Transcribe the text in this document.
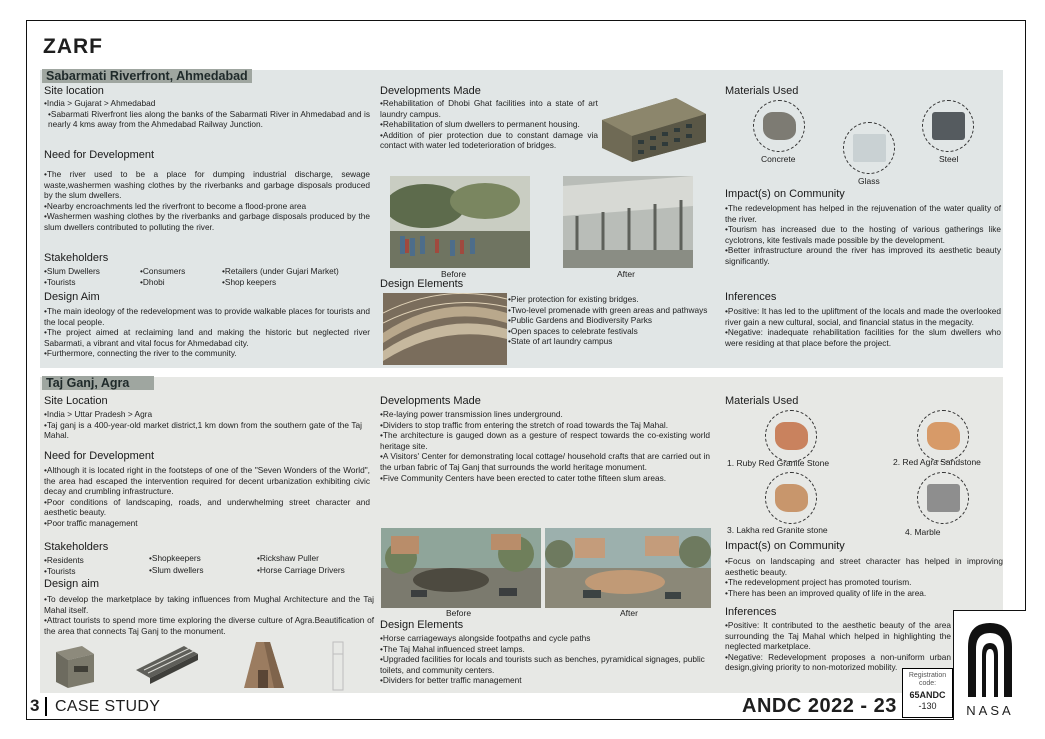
ZARF
Sabarmati Riverfront, Ahmedabad
Site location

•India > Gujarat > Ahmedabad

•Sabarmati Riverfront lies along the banks of the Sabarmati River in Ahmedabad and is nearly 4 kms away from the Ahmedabad Railway Junction.

Need for Development

•The river used to be a place for dumping industrial discharge, sewage waste,washermen washing clothes by the riverbanks and garbage disposals produced by the slum dwellers.

•Nearby encroachments led the riverfront to become a flood-prone area

•Washermen washing clothes by the riverbanks and garbage disposals produced by the slum dwellers contributed to polluting the river.

Stakeholders
•Slum Dwellers	•Consumers	•Retailers (under Gujari Market)
•Tourists	•Dhobi	•Shop keepers
Design Aim

•The main ideology of the redevelopment was to provide walkable places for tourists and the local people.

•The project aimed at reclaiming land and making the historic but neglected river Sabarmati, a vibrant and vital focus for Ahmedabad city.

•Furthermore, connecting the river to the community.

Developments Made

•Rehabilitation of Dhobi Ghat facilities into a state of art laundry campus.

•Rehabilitation of slum dwellers to permanent housing.

•Addition of pier protection due to constant damage via contact with water led todeterioration of bridges.

Before	After
Design Elements

•Pier protection for existing bridges.

•Two-level promenade with green areas and pathways

•Public Gardens and Biodiversity Parks

•Open spaces to celebrate festivals

•State of art laundry campus

Materials Used
Concrete
Glass
Steel
Impact(s) on Community

•The redevelopment has helped in the rejuvenation of the water quality of the river.

•Tourism has increased due to the hosting of various gatherings like cyclotrons, kite festivals made possible by the development.

•Better infrastructure around the river has improved its aesthetic beauty significantly.

Inferences

•Positive: It has led to the upliftment of the locals and made the overlooked river gain a new cultural, social, and financial status in the megacity.

•Negative: inadequate rehabilitation facilities for the slum dwellers who were residing at that place before the project.

Taj Ganj, Agra
Site Location

•India > Uttar Pradesh > Agra

•Taj ganj is a 400-year-old market district,1 km down from the southern gate of the Taj Mahal.

Need for Development

•Although it is located right in the footsteps of one of the "Seven Wonders of the World", the area had escaped the intervention required for decent urbanization exhibiting civic decay and crumbling infrastructure.

•Poor conditions of landscaping, roads, and underwhelming street character and aesthetic beauty.

•Poor traffic management

Stakeholders
•Residents	•Shopkeepers	•Rickshaw Puller
•Tourists	•Slum dwellers	•Horse Carriage Drivers
Design aim

•To develop the marketplace by taking influences from Mughal Architecture and the Taj Mahal itself.

•Attract tourists to spend more time exploring the diverse culture of Agra.Beautification of the area that connects Taj Ganj to the monument.

Developments Made

•Re-laying power transmission lines underground.

•Dividers to stop traffic from entering the stretch of road towards the Taj Mahal.

•The architecture is gauged down as a gesture of respect towards the co-existing world heritage site.

•A Visitors' Center for demonstrating local cottage/ household crafts that are carried out in the urban fabric of Taj Ganj that surrounds the world heritage monument.

•Five Community Centers have been erected to cater tothe fifteen slum areas.

Before	After
Design Elements

•Horse carriageways alongside footpaths and cycle paths

•The Taj Mahal influenced street lamps.

•Upgraded facilities for locals and tourists such as benches, pyramidical signages, public toilets, and community centers.

•Dividers for better traffic management

Materials Used
1. Ruby Red Granite Stone	2. Red Agra Sandstone
3. Lakha red Granite stone	4. Marble
Impact(s) on Community

•Focus on landscaping and street character has helped in improving aesthetic beauty.

•The redevelopment project has promoted tourism.

•There has been an improved quality of life in the area.

Inferences

•Positive: It contributed to the aesthetic beauty of the area surrounding the Taj Mahal which helped in highlighting the neglected marketplace.

•Negative: Redevelopment proposes a non-uniform urban design,giving priority to non-motorized mobility.

3 CASE STUDY	ANDC 2022 - 23
Registration code:
65ANDC
-130	NASA
